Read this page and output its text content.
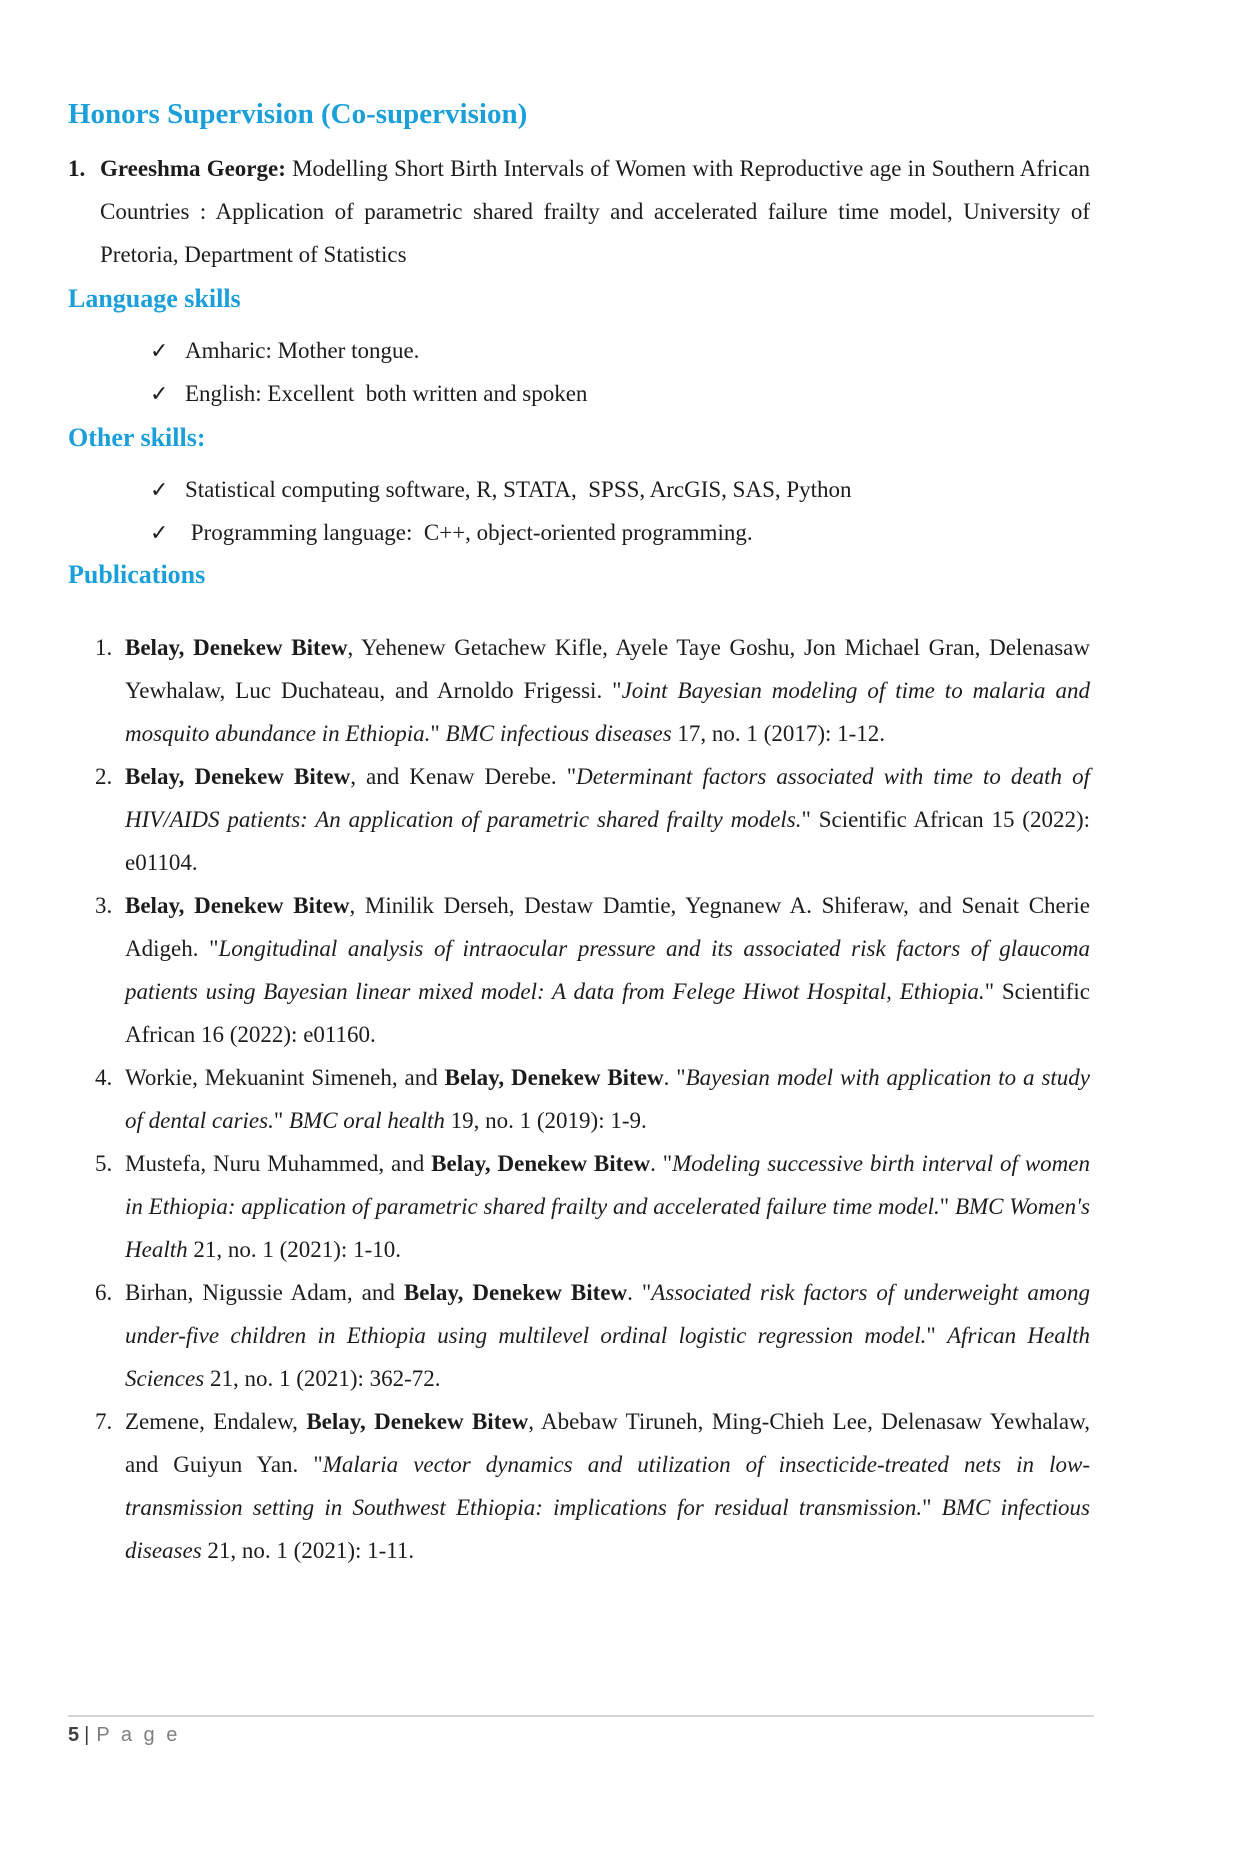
Honors Supervision (Co-supervision)
1. Greeshma George: Modelling Short Birth Intervals of Women with Reproductive age in Southern African Countries : Application of parametric shared frailty and accelerated failure time model, University of Pretoria, Department of Statistics
Language skills
✓ Amharic: Mother tongue.
✓ English: Excellent  both written and spoken
Other skills:
✓ Statistical computing software, R, STATA,  SPSS, ArcGIS, SAS, Python
✓ Programming language:  C++, object-oriented programming.
Publications
1. Belay, Denekew Bitew, Yehenew Getachew Kifle, Ayele Taye Goshu, Jon Michael Gran, Delenasaw Yewhalaw, Luc Duchateau, and Arnoldo Frigessi. "Joint Bayesian modeling of time to malaria and mosquito abundance in Ethiopia." BMC infectious diseases 17, no. 1 (2017): 1-12.
2. Belay, Denekew Bitew, and Kenaw Derebe. "Determinant factors associated with time to death of HIV/AIDS patients: An application of parametric shared frailty models." Scientific African 15 (2022): e01104.
3. Belay, Denekew Bitew, Minilik Derseh, Destaw Damtie, Yegnanew A. Shiferaw, and Senait Cherie Adigeh. "Longitudinal analysis of intraocular pressure and its associated risk factors of glaucoma patients using Bayesian linear mixed model: A data from Felege Hiwot Hospital, Ethiopia." Scientific African 16 (2022): e01160.
4. Workie, Mekuanint Simeneh, and Belay, Denekew Bitew. "Bayesian model with application to a study of dental caries." BMC oral health 19, no. 1 (2019): 1-9.
5. Mustefa, Nuru Muhammed, and Belay, Denekew Bitew. "Modeling successive birth interval of women in Ethiopia: application of parametric shared frailty and accelerated failure time model." BMC Women's Health 21, no. 1 (2021): 1-10.
6. Birhan, Nigussie Adam, and Belay, Denekew Bitew. "Associated risk factors of underweight among under-five children in Ethiopia using multilevel ordinal logistic regression model." African Health Sciences 21, no. 1 (2021): 362-72.
7. Zemene, Endalew, Belay, Denekew Bitew, Abebaw Tiruneh, Ming-Chieh Lee, Delenasaw Yewhalaw, and Guiyun Yan. "Malaria vector dynamics and utilization of insecticide-treated nets in low-transmission setting in Southwest Ethiopia: implications for residual transmission." BMC infectious diseases 21, no. 1 (2021): 1-11.
5 | P a g e
